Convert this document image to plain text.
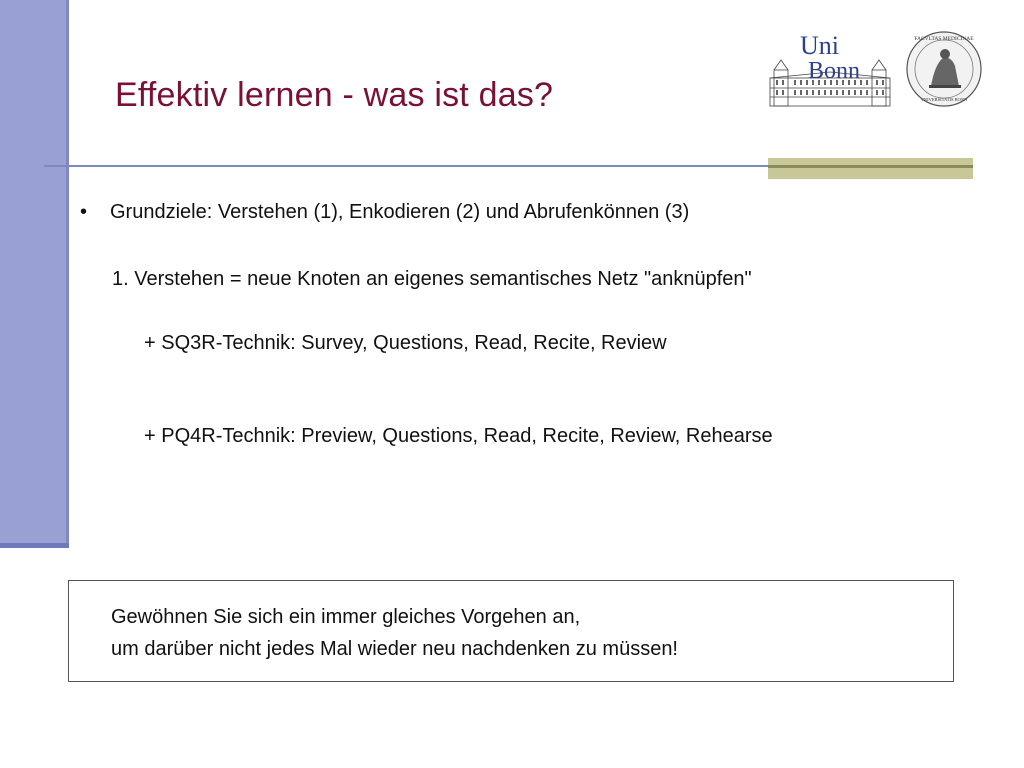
Effektiv lernen - was ist das?
Uni
Bonn
FACVLTAS MEDICINAE
VNIVERSITATIS BONN
•	Grundziele: Verstehen (1), Enkodieren (2) und Abrufenkönnen (3)
1. Verstehen = neue Knoten an eigenes semantisches Netz "anknüpfen"
+ SQ3R-Technik: Survey, Questions, Read, Recite, Review
+ PQ4R-Technik: Preview, Questions, Read, Recite, Review, Rehearse
Gewöhnen Sie sich ein immer gleiches Vorgehen an,
um darüber nicht jedes Mal wieder neu nachdenken zu müssen!
